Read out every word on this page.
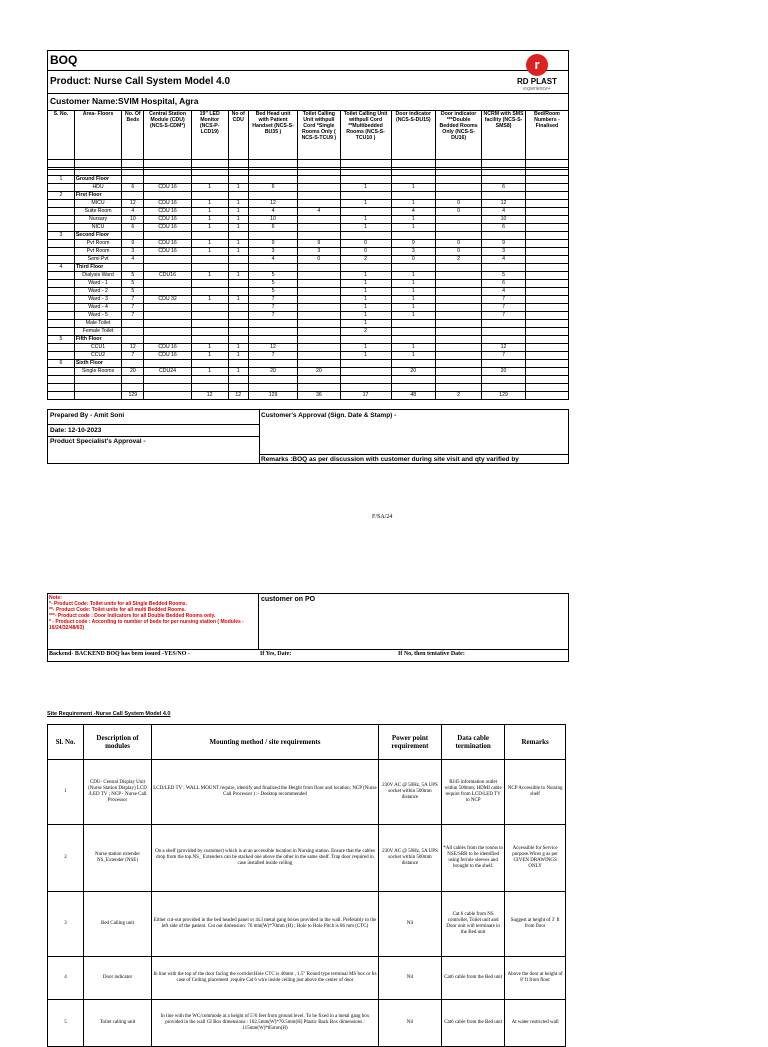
BOQ
Product: Nurse Call System Model 4.0
Customer Name:SVIM Hospital, Agra
r
RD PLAST
experience+
S. No.	Area- Floors	No. Of Beds	Central Station Module (CDU) (NCS-S-CDM*)	19" LED Monitor (NCS-P-LCD19)	No of CDU	Bed Head unit with Patient Handset (NCS-S-BU35 )	Toilet Calling Unit withpull Cord *Single Rooms Only ( NCS-S-TCU9 )	Toilet Calling Unit withpull Cord **Multibedded Rooms (NCS-S-TCU10 )	Door indicator (NCS-S-DU15)	Door indicator ***Double Bedded Rooms Only (NCS-S-DU16)	NCRM with SMS facility (NCS-S-SMS8)	Bed/Room Numbers - Finalised

1	Ground Floor											
	HDU	6	CDU 16	1	1	6		1	1		6	
2	First Floor											
	MICU	12	CDU 16	1	1	12		1	1	0	12	
	Suite Room	4	CDU 16	1	1	4	4		4	0	4	
	Nursary	10	CDU 16	1	1	10		1	1		10	
	NICU	6	CDU 16	1	1	6		1	1		6	
3	Second Floor											
	Pvt Room	9	CDU 16	1	1	9	9	0	9	0	9	
	Pvt Room	3	CDU 16	1	1	3	3	0	3	0	3	
	Semi Pvt	4				4	0	2	0	2	4	
4	Third Floor											
	Dialysis Ward	5	CDU16	1	1	5		1	1		5	
	Ward - 1	5				5		1	1		6	
	Ward - 2	5				5		1	1		4	
	Ward - 3	7	CDU 32	1	1	7		1	1		7	
	Ward - 4	7				7		1	1		7	
	Ward - 5	7				7		1	1		7	
	Male Toilet							1				
	Female Toilet							2				
5	Fifth Floor											
	CCU1	12	CDU 16	1	1	12		1	1		12	
	CCU2	7	CDU 16	1	1	7		1	1		7	
6	Sixth Floor											
	Single Rooms	20	CDU24	1	1	20	20		20		20	

		129		12	12	129	36	17	48	2	129	
Prepared By - Amit Soni
Date: 12-10-2023
Product Specialist's Approval -
Customer's Approval (Sign. Date & Stamp) -
Remarks :BOQ as per discussion with customer during site visit and qty varified by
F/SA/24
Note:
*- Product Code: Toilet units for all Single Bedded Rooms.
**- Product Code: Toilet units for all multi Bedded Rooms.
***- Product code : Door Indicators for all Double Bedded Rooms only.
* - Product code : According to number of beds for per nursing station ( Modules - 16/24/32/48/63)
customer on PO
Backend- BACKEND BOQ has been issued -YES/NO -	If Yes, Date:	If No, then tentative Date:
Site Requirement -Nurse Call System Model 4.0
Sl. No.	Description of modules	Mounting method / site requirements	Power point requirement	Data cable termination	Remarks
1	CDU- Central Display Unit (Nurse Station Display) LCD /LED TV ; NCP - Nurse Call Processor	LCD/LED TV : WALL MOUNT require, identify and finalized the Height from floor and location; NCP (Nurse Call Processor ) :- Desktop recommended	230V AC @ 50Hz, 5A UPS socket within 500mm distance	RJ45 information outlet within 500mm; HDMI cable require from LCD/LED TV to NCP	NCP Accessible to Nursing shelf
2	Nurse station extender NS_Extender (NSE)	On a shelf (provided by customer) which is at an accessible location in Nursing station. Ensure that the cables drop from the top.NS_ Extenders can be stacked one above the other in the same shelf. Trap door required in case installed inside ceiling	230V AC @ 50Hz, 5A UPS socket within 500mm distance	*All cables from the rooms to NSE/SRB to be identified using ferrule sleeves and brought to the shelf.	Accessible for Service purpose.Wires g as per GIVEN DRAWINGS ONLY
3	Bed Calling unit	Either cut-out provided in the bed headed panel or 4x3 metal gang boxes provided in the wall. Preferably to the left side of the patient. Cut out dimension: 76 mm(W)*70mm (H) ; Hole to Hole Pitch is 86 mm (CTC)	Nil	Cat 6 cable from NS controller, Toilet unit and Door unit will terminate in the Bed unit	Suggest at height of 3' ft from floor
4	Door indicator	In line with the top of the door facing the corridor.Hole CTC is 40mm , 1.5" Round type terminal MS box or Its case of Ceiling placement ,require Cat 6 wire inside ceiling just above the center of door	Nil	Cat6 cable from the Bed unit	Above the door at height of 8' ft from floor
5	Toilet calling unit	In line with the WC/commode at a height of 5'/6 feet from ground level. To be fixed in a metal gang box provided in the wall GI Box dimensions : 102.5mm(W)*70.5mm(H) Plastic Back Box dimensions : 115mm(W)*85mm(H)	Nil	Cat6 cable from the Bed unit	At water restricted wall
